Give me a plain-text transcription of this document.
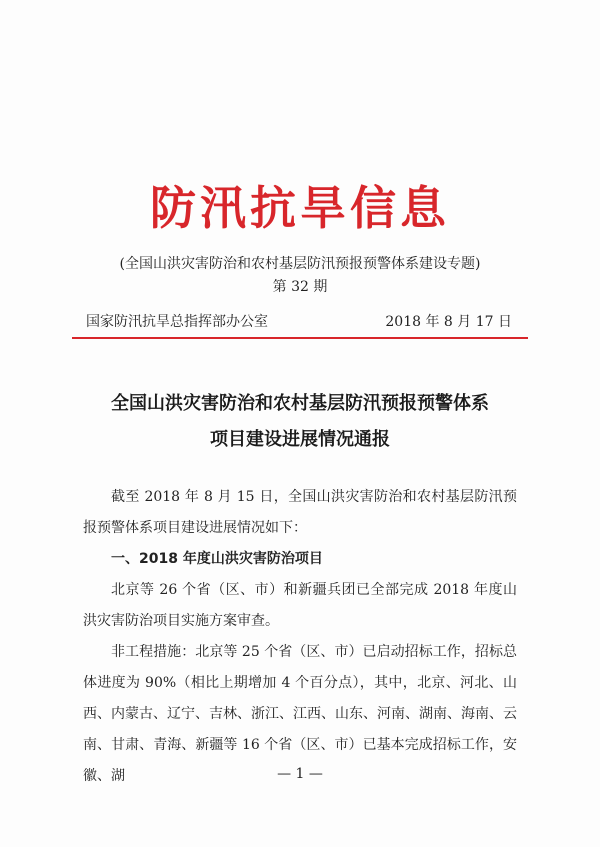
防汛抗旱信息
(全国山洪灾害防治和农村基层防汛预报预警体系建设专题)
第 32 期
国家防汛抗旱总指挥部办公室	2018 年 8 月 17 日
全国山洪灾害防治和农村基层防汛预报预警体系
项目建设进展情况通报

截至 2018 年 8 月 15 日，全国山洪灾害防治和农村基层防汛预报预警体系项目建设进展情况如下：

一、2018 年度山洪灾害防治项目

北京等 26 个省（区、市）和新疆兵团已全部完成 2018 年度山洪灾害防治项目实施方案审查。

非工程措施：北京等 25 个省（区、市）已启动招标工作，招标总体进度为 90%（相比上期增加 4 个百分点），其中，北京、河北、山西、内蒙古、辽宁、吉林、浙江、江西、山东、河南、湖南、海南、云南、甘肃、青海、新疆等 16 个省（区、市）已基本完成招标工作，安徽、湖	— 1 —
